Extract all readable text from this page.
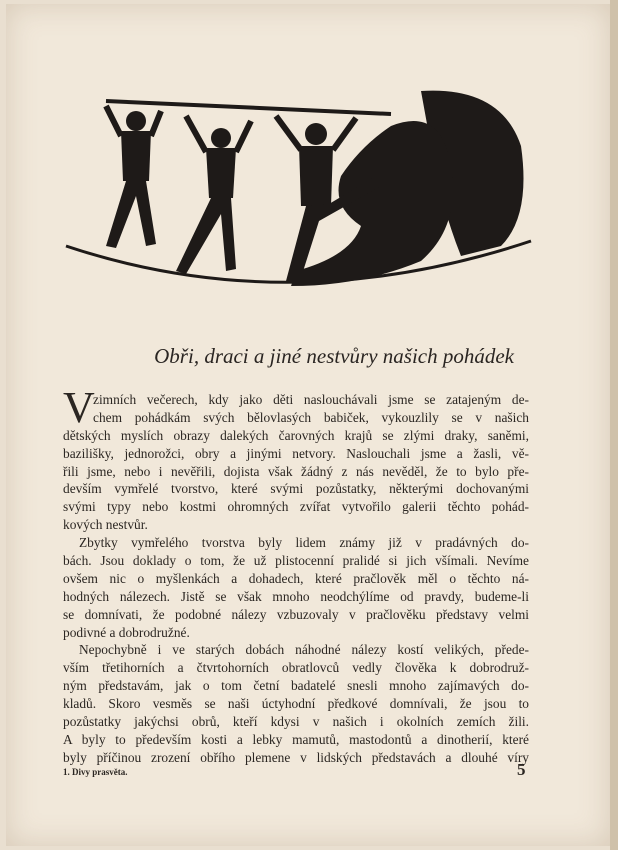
Obři, draci a jiné nestvůry našich pohádek
V
zimních večerech, kdy jako děti naslouchávali jsme se zatajeným de-
chem pohádkám svých bělovlasých babiček, vykouzlily se v našich
dětských myslích obrazy dalekých čarovných krajů se zlými draky, saněmi,
bazilišky, jednorožci, obry a jinými netvory. Naslouchali jsme a žasli, vě-
řili jsme, nebo i nevěřili, dojista však žádný z nás nevěděl, že to bylo pře-
devším vymřelé tvorstvo, které svými pozůstatky, některými dochovanými
svými typy nebo kostmi ohromných zvířat vytvořilo galerii těchto pohád-
kových nestvůr.
Zbytky vymřelého tvorstva byly lidem známy již v pradávných do-
bách. Jsou doklady o tom, že už plistocenní pralidé si jich všímali. Nevíme
ovšem nic o myšlenkách a dohadech, které pračlověk měl o těchto ná-
hodných nálezech. Jistě se však mnoho neodchýlíme od pravdy, budeme-li
se domnívati, že podobné nálezy vzbuzovaly v pračlověku představy velmi
podivné a dobrodružné.
Nepochybně i ve starých dobách náhodné nálezy kostí velikých, přede-
vším třetihorních a čtvrtohorních obratlovců vedly člověka k dobrodruž-
ným představám, jak o tom četní badatelé snesli mnoho zajímavých do-
kladů. Skoro vesměs se naši úctyhodní předkové domnívali, že jsou to
pozůstatky jakýchsi obrů, kteří kdysi v našich i okolních zemích žili.
A byly to především kosti a lebky mamutů, mastodontů a dinotherií, které
byly příčinou zrození obřího plemene v lidských představách a dlouhé víry
1. Divy prasvěta.	5
